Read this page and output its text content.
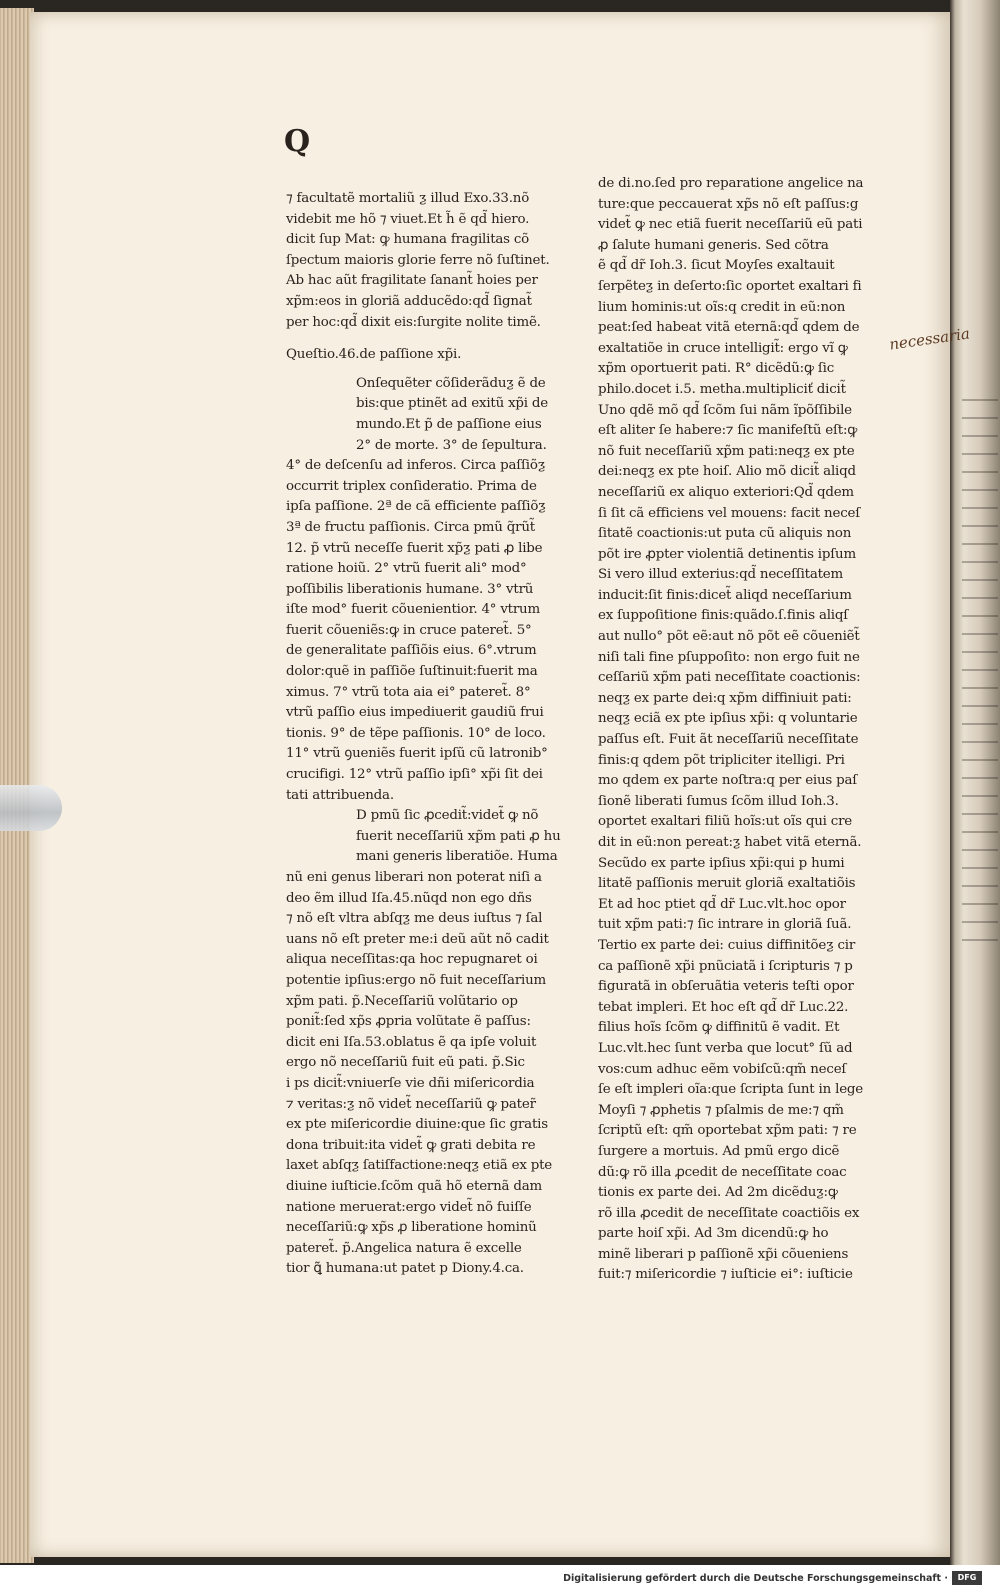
Q
necessaria
⁊ facultatẽ mortaliũ ƺ illud Exo.33.nõ
videbit me hõ ⁊ viuet.Et h̃ ẽ qd̃ hiero.
dicit ſup Mat: ꝙ humana fragilitas cõ
ſpectum maioris glorie ferre nõ ſuſtinet.
Ab hac aũt fragilitate ſanant̃ hoies per
xp̃m:eos in gloriã adducẽdo:qd̃ ſignat̃
per hoc:qd̃ dixit eis:ſurgite nolite timẽ.
Queſtio.46.de paſſione xp̃i.
Onſequẽter cõſiderãduƺ ẽ de
bis:que ptinẽt ad exitũ xp̃i de
mundo.Et p̃ de paſſione eius
2° de morte. 3° de ſepultura.
4° de deſcenſu ad inferos. Circa paſſiõƺ
occurrit triplex conſideratio. Prima de
ipſa paſſione. 2ª de cã efficiente paſſiõƺ
3ª de fructu paſſionis. Circa pmũ q̃rũt̃
12. p̃ vtrũ neceſſe fuerit xp̃ƺ pati ꝓ libe
ratione hoiũ. 2° vtrũ fuerit ali° mod°
poſſibilis liberationis humane. 3° vtrũ
iſte mod° fuerit cõuenientior. 4° vtrum
fuerit cõueniẽs:ꝙ in cruce pateret̃. 5°
de generalitate paſſiõis eius. 6°.vtrum
dolor:quẽ in paſſiõe ſuſtinuit:fuerit ma
ximus. 7° vtrũ tota aia ei° pateret̃. 8°
vtrũ paſſio eius impediuerit gaudiũ frui
tionis. 9° de tẽpe paſſionis. 10° de loco.
11° vtrũ ꝯueniẽs fuerit ipſũ cũ latronib°
crucifigi. 12° vtrũ paſſio ipſi° xp̃i ſit dei
tati attribuenda.
D pmũ ſic ꝓcedit̃:videt̃ ꝙ nõ
fuerit neceſſariũ xp̃m pati ꝓ hu
mani generis liberatiõe. Huma
nũ eni genus liberari non poterat niſi a
deo ẽm illud Iſa.45.nũqd non ego dñs
⁊ nõ eſt vltra abſqƺ me deus iuſtus ⁊ ſal
uans nõ eſt preter me:i deũ aũt nõ cadit
aliqua neceſſitas:qa hoc repugnaret oi
potentie ipſius:ergo nõ fuit neceſſarium
xp̃m pati. p̃.Neceſſariũ volũtario op
ponit̃:ſed xp̃s ꝓpria volũtate ẽ paſſus:
dicit eni Iſa.53.oblatus ẽ qa ipſe voluit
ergo nõ neceſſariũ fuit eũ pati. p̃.Sic
i ps dicit̃:vniuerſe vie dñi miſericordia
⁊ veritas:ƺ nõ videt̃ neceſſariũ ꝙ pater̃
ex pte miſericordie diuine:que ſic gratis
dona tribuit:ita videt̃ ꝙ grati debita re
laxet abſqƺ ſatiſfactione:neqƺ etiã ex pte
diuine iuſticie.ſcõm quã hõ eternã dam
natione meruerat:ergo videt̃ nõ fuiſſe
neceſſariũ:ꝙ xp̃s ꝓ liberatione hominũ
pateret̃. p̃.Angelica natura ẽ excelle
tior ꝗ̃ humana:ut patet p Diony.4.ca.
de di.no.ſed pro reparatione angelice na
ture:que peccauerat xp̃s nõ eſt paſſus:g
videt̃ ꝙ nec etiã fuerit neceſſariũ eũ pati
ꝓ ſalute humani generis. Sed cõtra
ẽ qd̃ dr̃ Ioh.3. ſicut Moyſes exaltauit
ſerpẽteƺ in deſerto:ſic oportet exaltari fi
lium hominis:ut oĩs:q credit in eũ:non
peat:ſed habeat vitã eternã:qd̃ qdem de
exaltatiõe in cruce intelligit̃: ergo vĩ ꝙ
xp̃m oportuerit pati. R° dicẽdũ:ꝙ ſic
philo.docet i.5. metha.multipliciť dicit̃
Uno qdẽ mõ qd̃ ſcõm ſui nãm ĩpõſſibile
eſt aliter ſe habere:⁊ ſic manifeſtũ eſt:ꝙ
nõ fuit neceſſariũ xp̃m pati:neqƺ ex pte
dei:neqƺ ex pte hoiſ. Alio mõ dicit̃ aliqd
neceſſariũ ex aliquo exteriori:Qd̃ qdem
ſi ſit cã efficiens vel mouens: facit neceſ
ſitatẽ coactionis:ut puta cũ aliquis non
põt ire ꝓpter violentiã detinentis ipſum
Si vero illud exterius:qd̃ neceſſitatem
inducit:ſit finis:dicet̃ aliqd neceſſarium
ex ſuppoſitione finis:quãdo.ſ.finis aliqſ
aut nullo° põt eẽ:aut nõ põt eẽ cõueniẽt̃
niſi tali fine pſuppoſito: non ergo fuit ne
ceſſariũ xp̃m pati neceſſitate coactionis:
neqƺ ex parte dei:q xp̃m diffiniuit pati:
neqƺ eciã ex pte ipſius xp̃i: q voluntarie
paſſus eſt. Fuit ãt neceſſariũ neceſſitate
finis:q qdem põt tripliciter itelligi. Pri
mo qdem ex parte noſtra:q per eius paſ
ſionẽ liberati ſumus ſcõm illud Ioh.3.
oportet exaltari filiũ hoĩs:ut oĩs qui cre
dit in eũ:non pereat:ƺ habet vitã eternã.
Secũdo ex parte ipſius xp̃i:qui p humi
litatẽ paſſionis meruit gloriã exaltatiõis
Et ad hoc ptiet qd̃ dr̃ Luc.vlt.hoc opor
tuit xp̃m pati:⁊ ſic intrare in gloriã ſuã.
Tertio ex parte dei: cuius diffinitõeƺ cir
ca paſſionẽ xp̃i pnũciatã i ſcripturis ⁊ p
figuratã in obſeruãtia veteris teſti opor
tebat impleri. Et hoc eſt qd̃ dr̃ Luc.22.
filius hoĩs ſcõm ꝙ diffinitũ ẽ vadit. Et
Luc.vlt.hec ſunt verba que locut° ſũ ad
vos:cum adhuc eẽm vobiſcũ:qm̃ neceſ
ſe eſt impleri oĩa:que ſcripta ſunt in lege
Moyſi ⁊ ꝓphetis ⁊ pſalmis de me:⁊ qm̃
ſcriptũ eſt: qm̃ oportebat xp̃m pati: ⁊ re
ſurgere a mortuis. Ad pmũ ergo dicẽ
dũ:ꝙ rõ illa ꝓcedit de neceſſitate coac
tionis ex parte dei. Ad 2m dicẽduƺ:ꝙ
rõ illa ꝓcedit de neceſſitate coactiõis ex
parte hoiſ xp̃i. Ad 3m dicendũ:ꝙ ho
minẽ liberari p paſſionẽ xp̃i cõueniens
fuit:⁊ miſericordie ⁊ iuſticie ei°: iuſticie
Digitalisierung gefördert durch die Deutsche Forschungsgemeinschaft ·	DFG
